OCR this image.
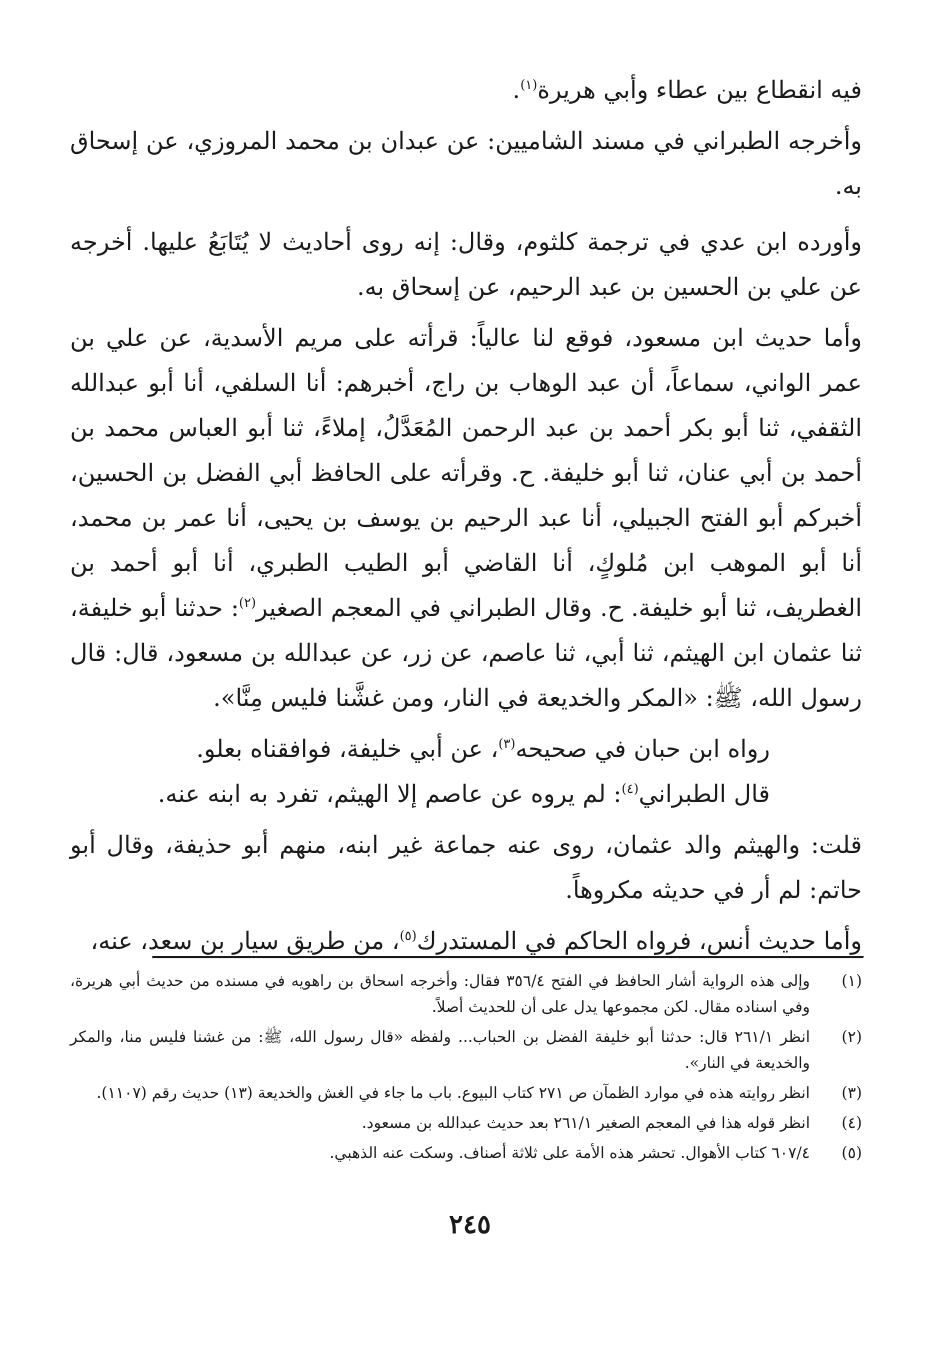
فيه انقطاع بين عطاء وأبي هريرة$^{(١)}$.

وأخرجه الطبراني في مسند الشاميين: عن عبدان بن محمد المروزي، عن إسحاق به.

وأورده ابن عدي في ترجمة كلثوم، وقال: إنه روى أحاديث لا يُتَابَعُ عليها. أخرجه عن علي بن الحسين بن عبد الرحيم، عن إسحاق به.

وأما حديث ابن مسعود، فوقع لنا عالياً: قرأته على مريم الأسدية، عن علي بن عمر الواني، سماعاً، أن عبد الوهاب بن راج، أخبرهم: أنا السلفي، أنا أبو عبدالله الثقفي، ثنا أبو بكر أحمد بن عبد الرحمن المُعَدَّلُ، إملاءً، ثنا أبو العباس محمد بن أحمد بن أبي عنان، ثنا أبو خليفة. ح. وقرأته على الحافظ أبي الفضل بن الحسين، أخبركم أبو الفتح الجبيلي، أنا عبد الرحيم بن يوسف بن يحيى، أنا عمر بن محمد، أنا أبو الموهب ابن مُلوكٍ، أنا القاضي أبو الطيب الطبري، أنا أبو أحمد بن الغطريف، ثنا أبو خليفة. ح. وقال الطبراني في المعجم الصغير$^{(٢)}$: حدثنا أبو خليفة، ثنا عثمان ابن الهيثم، ثنا أبي، ثنا عاصم، عن زر، عن عبدالله بن مسعود، قال: قال رسول الله، ﷺ: «المكر والخديعة في النار، ومن غشَّنا فليس مِنَّا».

رواه ابن حبان في صحيحه$^{(٣)}$، عن أبي خليفة، فوافقناه بعلو.

قال الطبراني$^{(٤)}$: لم يروه عن عاصم إلا الهيثم، تفرد به ابنه عنه.

قلت: والهيثم والد عثمان، روى عنه جماعة غير ابنه، منهم أبو حذيفة، وقال أبو حاتم: لم أر في حديثه مكروهاً.

وأما حديث أنس، فرواه الحاكم في المستدرك$^{(٥)}$، من طريق سيار بن سعد، عنه،

(١)
وإلى هذه الرواية أشار الحافظ في الفتح ٣٥٦/٤ فقال: وأخرجه اسحاق بن راهويه في مسنده من حديث أبي هريرة، وفي اسناده مقال. لكن مجموعها يدل على أن للحديث أصلاً.
(٢)
انظر ٢٦١/١ قال: حدثنا أبو خليفة الفضل بن الحباب... ولفظه «قال رسول الله، ﷺ: من غشنا فليس منا، والمكر والخديعة في النار».
(٣)
انظر روايته هذه في موارد الظمآن ص ٢٧١ كتاب البيوع. باب ما جاء في الغش والخديعة (١٣) حديث رقم (١١٠٧).
(٤)
انظر قوله هذا في المعجم الصغير ٢٦١/١ بعد حديث عبدالله بن مسعود.
(٥)
٦٠٧/٤ كتاب الأهوال. تحشر هذه الأمة على ثلاثة أصناف. وسكت عنه الذهبي.
٢٤٥
